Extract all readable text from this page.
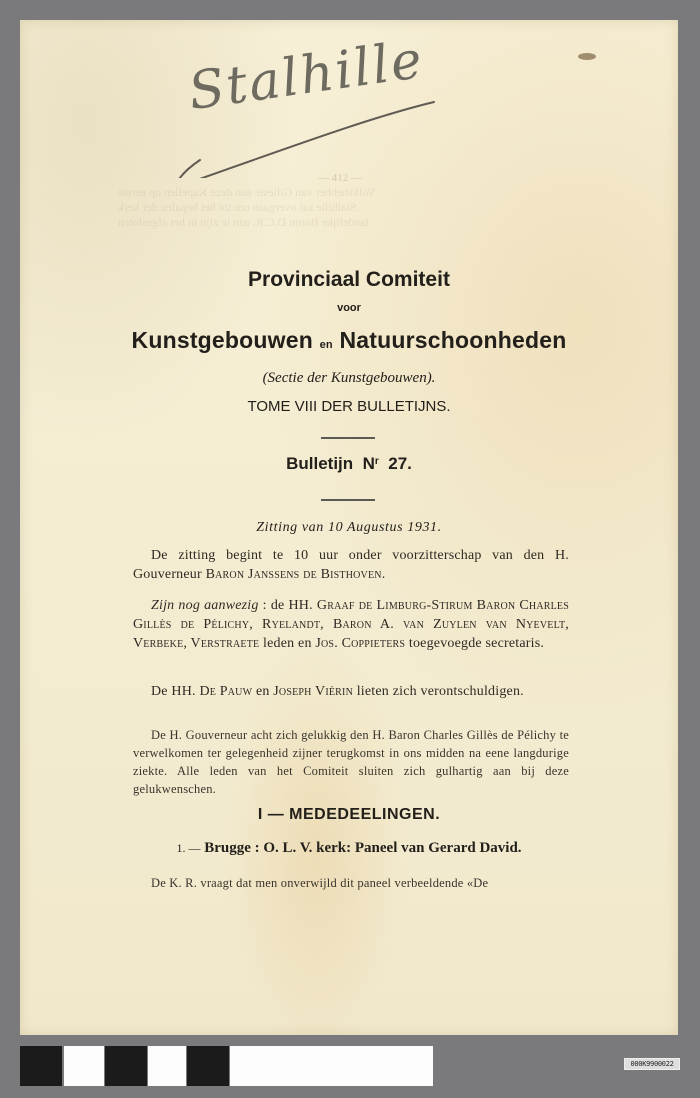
Volkshebber van Gilleste aan deze Kapellen op eerste
Stalhille zal overgaan om tot het bepalen der kerk
landelijke Baron D.C.R. aan te zijn in het afgesloten
— 412 —
Stalhille
Provinciaal Comiteit
voor
Kunstgebouwen en Natuurschoonheden
(Sectie der Kunstgebouwen).
TOME VIII DER BULLETIJNS.
Bulletijn $N^r$ 27.
Zitting van 10 Augustus 1931.

De zitting begint te 10 uur onder voorzitterschap van den H. Gouverneur Baron Janssens de Bisthoven.

Zijn nog aanwezig : de HH. Graaf de Limburg-Stirum Baron Charles Gillès de Pélichy, Ryelandt, Baron A. van Zuylen van Nyevelt, Verbeke, Verstraete leden en Jos. Coppieters toegevoegde secretaris.

De HH. De Pauw en Joseph Viérin lieten zich verontschuldigen.

De H. Gouverneur acht zich gelukkig den H. Baron Charles Gillès de Pélichy te verwelkomen ter gelegenheid zijner terugkomst in ons midden na eene langdurige ziekte. Alle leden van het Comiteit sluiten zich gulhartig aan bij deze gelukwenschen.

I — MEDEDEELINGEN.
1. — Brugge : O. L. V. kerk: Paneel van Gerard David.

De K. R. vraagt dat men onverwijld dit paneel verbeeldende «De

000K9900022
